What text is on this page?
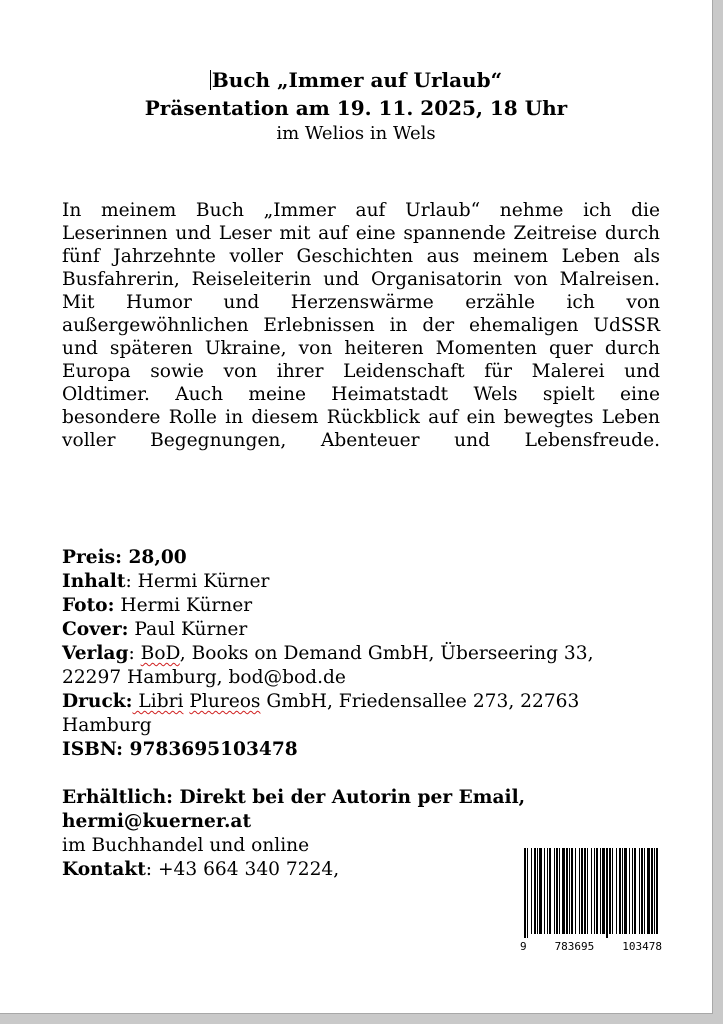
Buch „Immer auf Urlaub“
Präsentation am 19. 11. 2025, 18 Uhr
im Welios in Wels
In meinem Buch „Immer auf Urlaub“ nehme ich die
Leserinnen und Leser mit auf eine spannende Zeitreise durch
fünf Jahrzehnte voller Geschichten aus meinem Leben als
Busfahrerin, Reiseleiterin und Organisatorin von Malreisen.
Mit Humor und Herzenswärme erzähle ich von
außergewöhnlichen Erlebnissen in der ehemaligen UdSSR
und späteren Ukraine, von heiteren Momenten quer durch
Europa sowie von ihrer Leidenschaft für Malerei und
Oldtimer. Auch meine Heimatstadt Wels spielt eine
besondere Rolle in diesem Rückblick auf ein bewegtes Leben
voller Begegnungen, Abenteuer und Lebensfreude.
Preis: 28,00
Inhalt: Hermi Kürner
Foto: Hermi Kürner
Cover: Paul Kürner
Verlag: BoD, Books on Demand GmbH, Überseering 33,
22297 Hamburg, bod@bod.de
Druck: Libri Plureos GmbH, Friedensallee 273, 22763
Hamburg
ISBN: 9783695103478
Erhältlich: Direkt bei der Autorin per Email,
hermi@kuerner.at
im Buchhandel und online
Kontakt: +43 664 340 7224,
9	783695	103478
